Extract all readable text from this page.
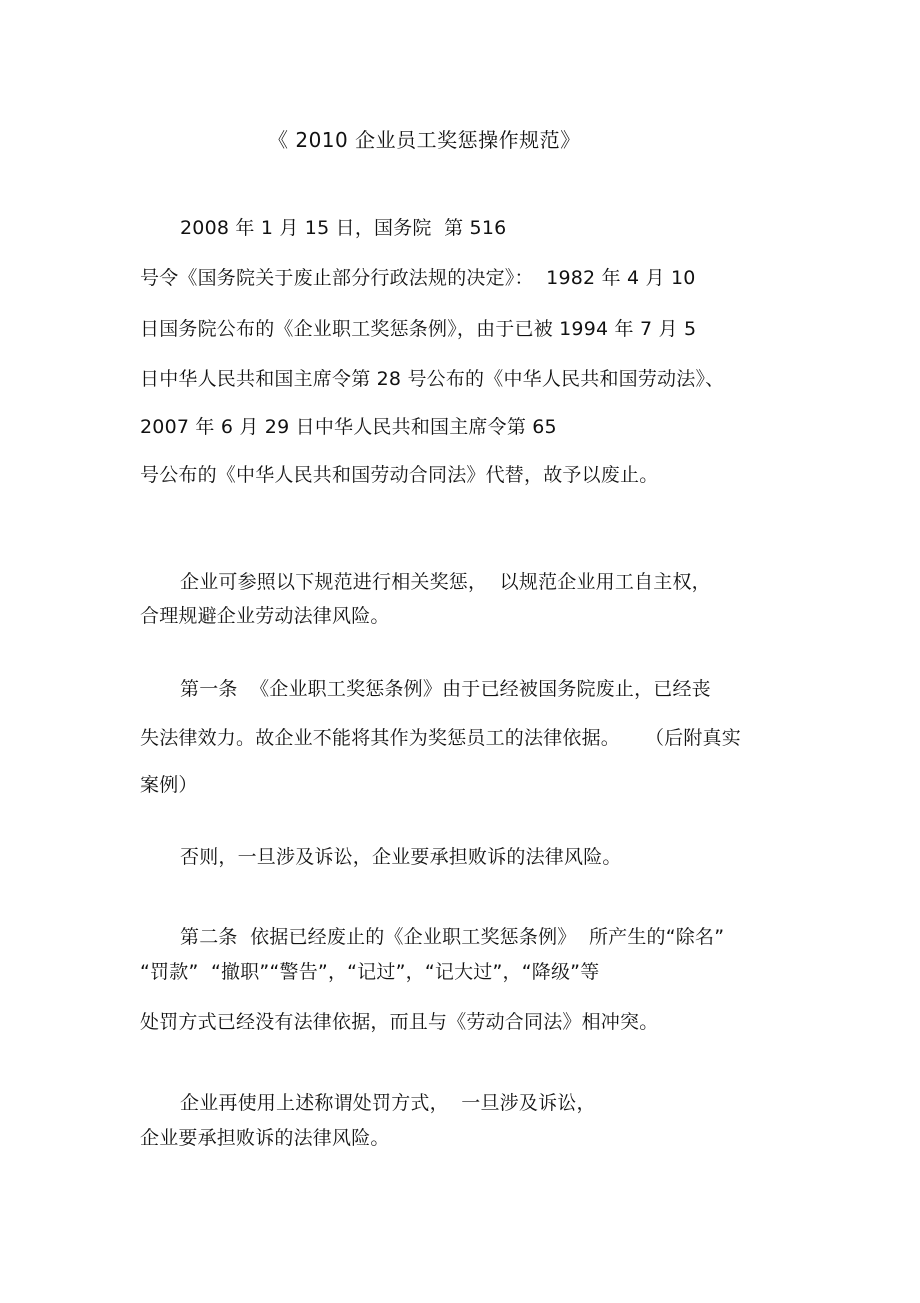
《 2010 企业员工奖惩操作规范》
2008 年 1 月 15 日，国务院  第 516
号令《国务院关于废止部分行政法规的决定》：  1982 年 4 月 10
日国务院公布的《企业职工奖惩条例》，由于已被 1994 年 7 月 5
日中华人民共和国主席令第 28 号公布的《中华人民共和国劳动法》、
2007 年 6 月 29 日中华人民共和国主席令第 65
号公布的《中华人民共和国劳动合同法》代替，故予以废止。
企业可参照以下规范进行相关奖惩，  以规范企业用工自主权，
合理规避企业劳动法律风险。
第一条  《企业职工奖惩条例》由于已经被国务院废止，已经丧
失法律效力。故企业不能将其作为奖惩员工的法律依据。    （后附真实
案例）
否则，一旦涉及诉讼，企业要承担败诉的法律风险。
第二条  依据已经废止的《企业职工奖惩条例》  所产生的“除名”
“罚款”  “撤职”“警告”，“记过”，“记大过”，“降级”等
处罚方式已经没有法律依据，而且与《劳动合同法》相冲突。
企业再使用上述称谓处罚方式，  一旦涉及诉讼，
企业要承担败诉的法律风险。
